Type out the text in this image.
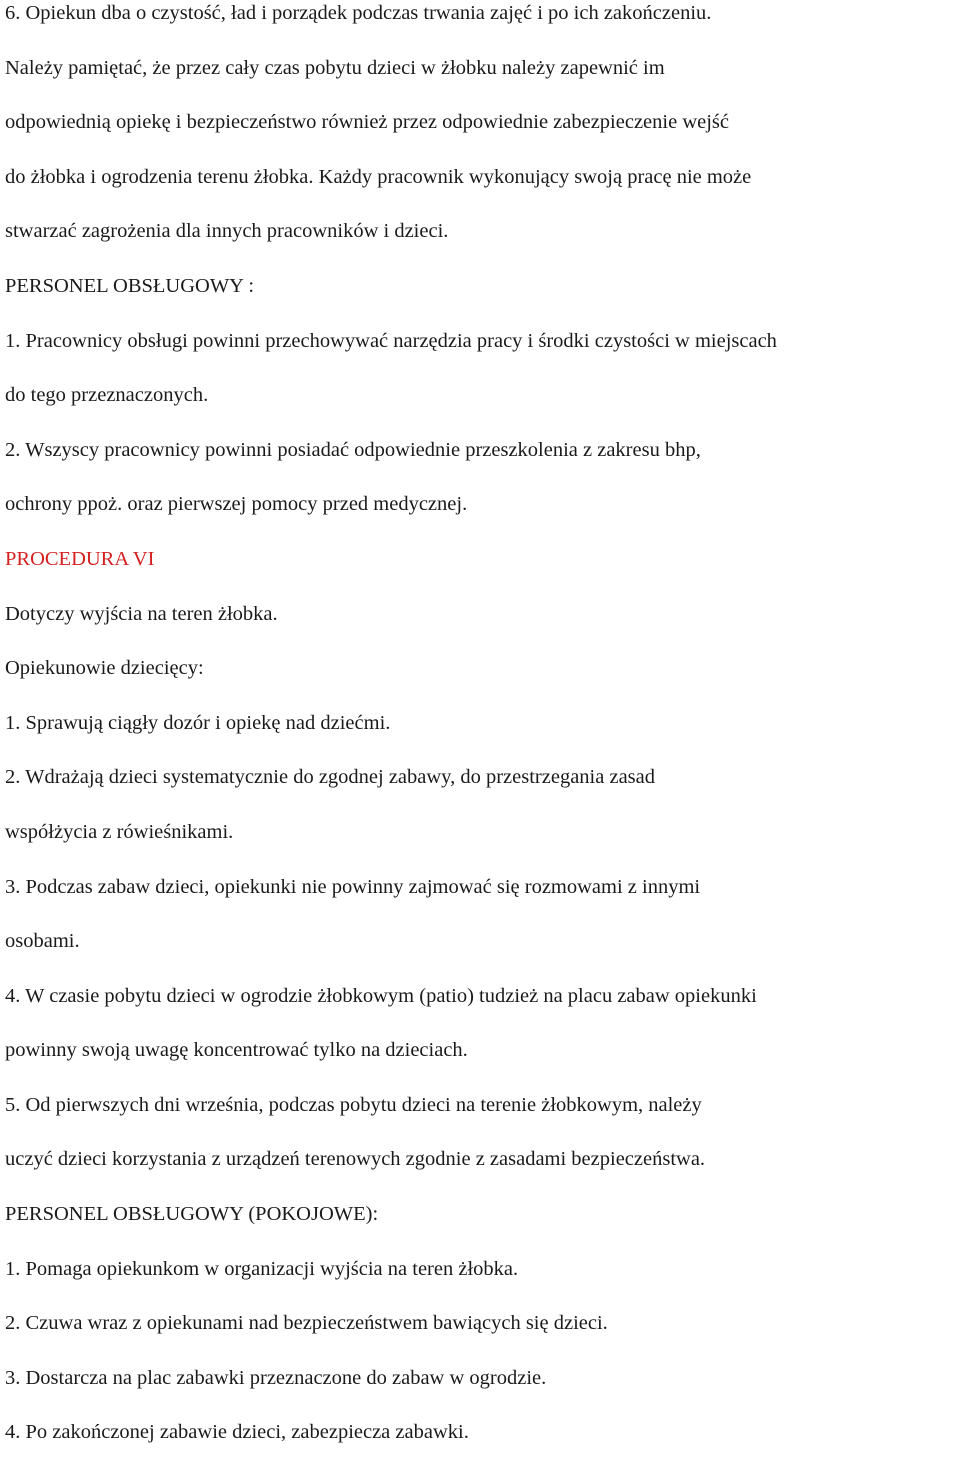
6. Opiekun dba o czystość, ład i porządek podczas trwania zajęć i po ich zakończeniu.
Należy pamiętać, że przez cały czas pobytu dzieci w żłobku należy zapewnić im
odpowiednią opiekę i bezpieczeństwo również przez odpowiednie zabezpieczenie wejść
do żłobka i ogrodzenia terenu żłobka. Każdy pracownik wykonujący swoją pracę nie może
stwarzać zagrożenia dla innych pracowników i dzieci.
PERSONEL OBSŁUGOWY :
1. Pracownicy obsługi powinni przechowywać narzędzia pracy i środki czystości w miejscach
do tego przeznaczonych.
2. Wszyscy pracownicy powinni posiadać odpowiednie przeszkolenia z zakresu bhp,
ochrony ppoż. oraz pierwszej pomocy przed medycznej.
PROCEDURA VI
Dotyczy wyjścia na teren żłobka.
Opiekunowie dziecięcy:
1. Sprawują ciągły dozór i opiekę nad dziećmi.
2. Wdrażają dzieci systematycznie do zgodnej zabawy, do przestrzegania zasad
współżycia z rówieśnikami.
3. Podczas zabaw dzieci, opiekunki nie powinny zajmować się rozmowami z innymi
osobami.
4. W czasie pobytu dzieci w ogrodzie żłobkowym (patio) tudzież na placu zabaw opiekunki
powinny swoją uwagę koncentrować tylko na dzieciach.
5. Od pierwszych dni września, podczas pobytu dzieci na terenie żłobkowym, należy
uczyć dzieci korzystania z urządzeń terenowych zgodnie z zasadami bezpieczeństwa.
PERSONEL OBSŁUGOWY (POKOJOWE):
1. Pomaga opiekunkom w organizacji wyjścia na teren żłobka.
2. Czuwa wraz z opiekunami nad bezpieczeństwem bawiących się dzieci.
3. Dostarcza na plac zabawki przeznaczone do zabaw w ogrodzie.
4. Po zakończonej zabawie dzieci, zabezpiecza zabawki.
